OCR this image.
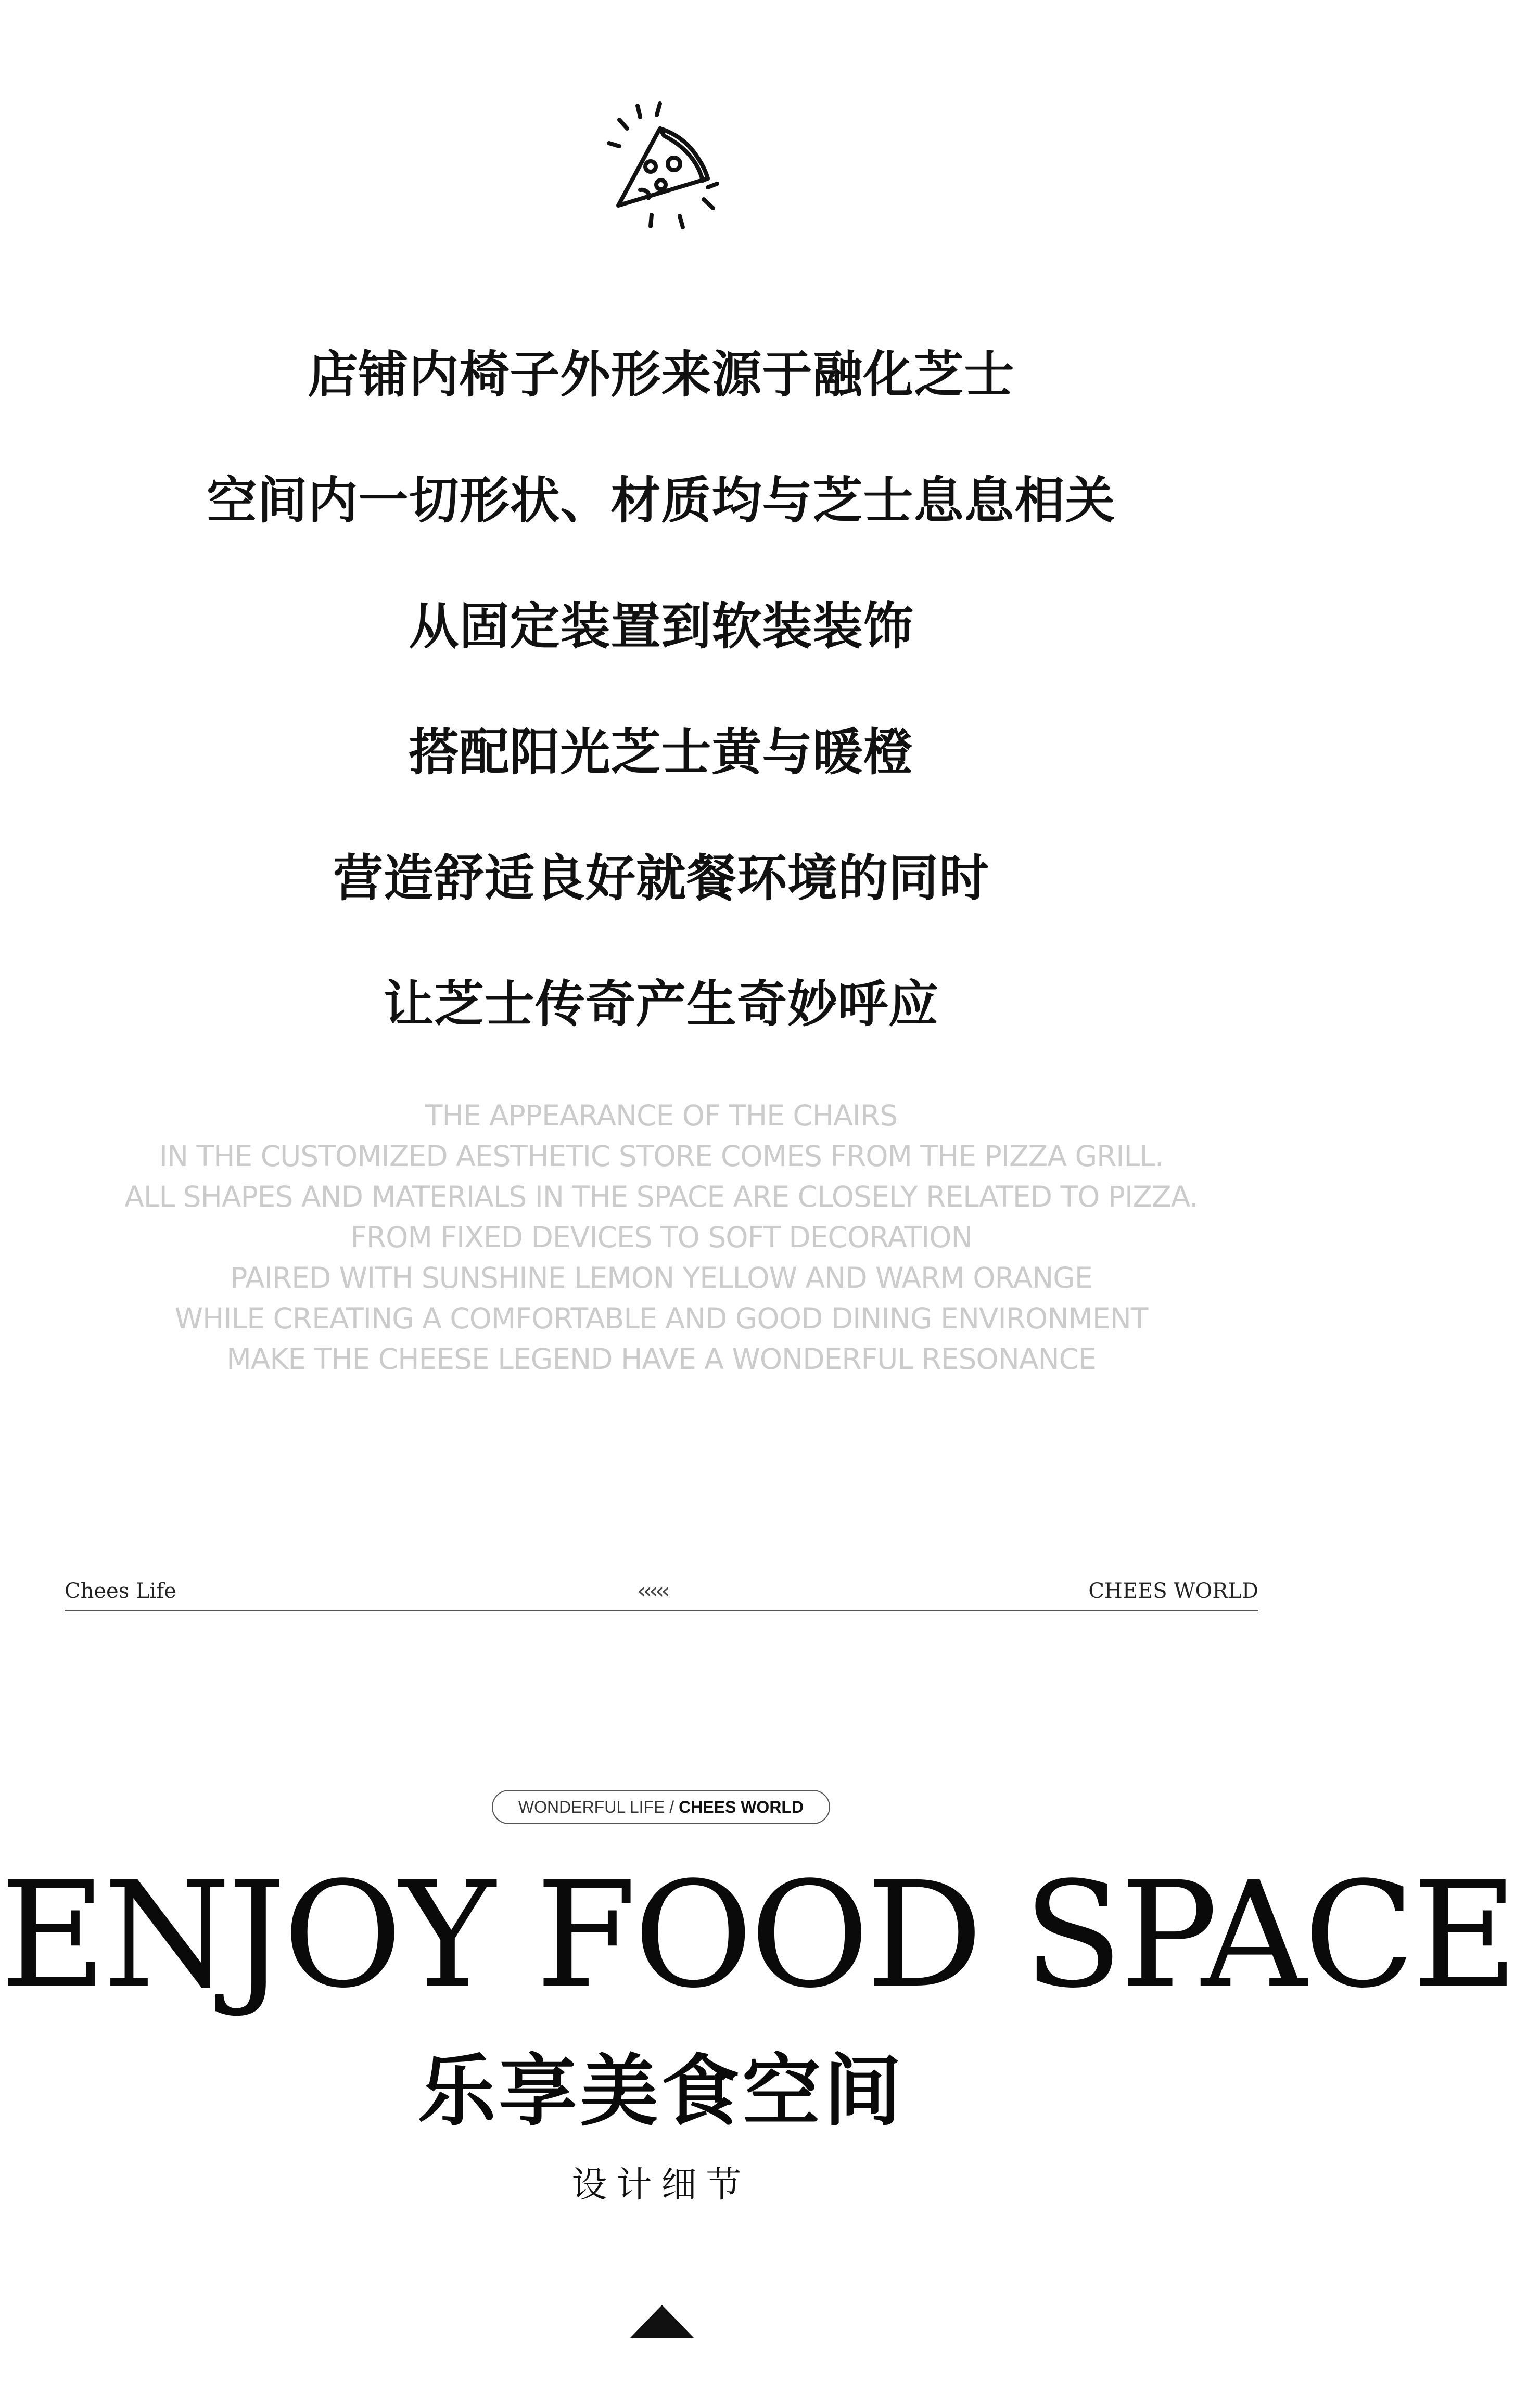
店铺内椅子外形来源于融化芝士
空间内一切形状、材质均与芝士息息相关
从固定装置到软装装饰
搭配阳光芝士黄与暖橙
营造舒适良好就餐环境的同时
让芝士传奇产生奇妙呼应
THE APPEARANCE OF THE CHAIRS
IN THE CUSTOMIZED AESTHETIC STORE COMES FROM THE PIZZA GRILL.
ALL SHAPES AND MATERIALS IN THE SPACE ARE CLOSELY RELATED TO PIZZA.
FROM FIXED DEVICES TO SOFT DECORATION
PAIRED WITH SUNSHINE LEMON YELLOW AND WARM ORANGE
WHILE CREATING A COMFORTABLE AND GOOD DINING ENVIRONMENT
MAKE THE CHEESE LEGEND HAVE A WONDERFUL RESONANCE
Chees Life	‹‹‹‹‹	CHEES WORLD
WONDERFUL LIFE / CHEES WORLD
ENJOY FOOD SPACE
乐享美食空间
设计细节
